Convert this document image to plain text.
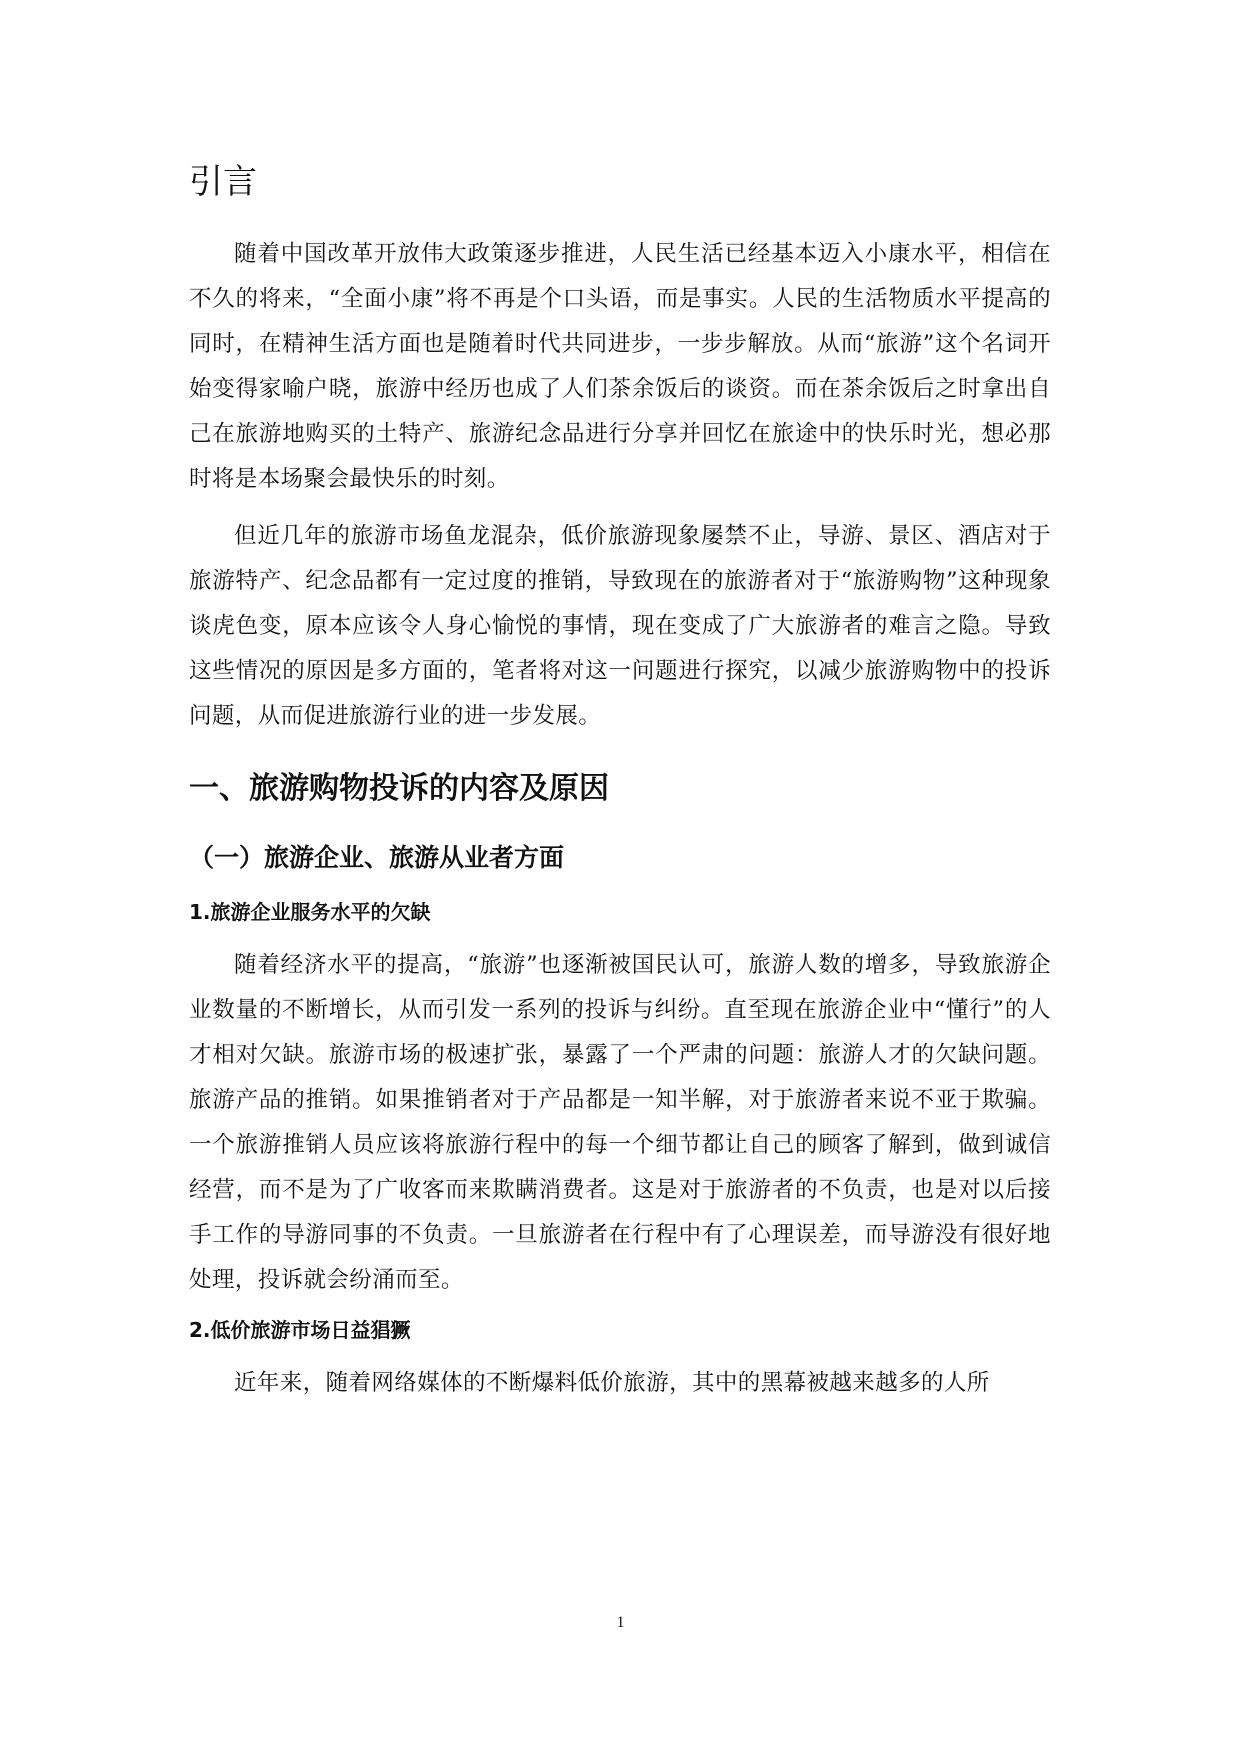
引言

随着中国改革开放伟大政策逐步推进，人民生活已经基本迈入小康水平，相信在不久的将来，“全面小康”将不再是个口头语，而是事实。人民的生活物质水平提高的同时，在精神生活方面也是随着时代共同进步，一步步解放。从而“旅游”这个名词开始变得家喻户晓，旅游中经历也成了人们茶余饭后的谈资。而在茶余饭后之时拿出自己在旅游地购买的土特产、旅游纪念品进行分享并回忆在旅途中的快乐时光，想必那时将是本场聚会最快乐的时刻。

但近几年的旅游市场鱼龙混杂，低价旅游现象屡禁不止，导游、景区、酒店对于旅游特产、纪念品都有一定过度的推销，导致现在的旅游者对于“旅游购物”这种现象谈虎色变，原本应该令人身心愉悦的事情，现在变成了广大旅游者的难言之隐。导致这些情况的原因是多方面的，笔者将对这一问题进行探究，以减少旅游购物中的投诉问题，从而促进旅游行业的进一步发展。

一、旅游购物投诉的内容及原因
（一）旅游企业、旅游从业者方面
1.旅游企业服务水平的欠缺

随着经济水平的提高，“旅游”也逐渐被国民认可，旅游人数的增多，导致旅游企业数量的不断增长，从而引发一系列的投诉与纠纷。直至现在旅游企业中“懂行”的人才相对欠缺。旅游市场的极速扩张，暴露了一个严肃的问题：旅游人才的欠缺问题。旅游产品的推销。如果推销者对于产品都是一知半解，对于旅游者来说不亚于欺骗。一个旅游推销人员应该将旅游行程中的每一个细节都让自己的顾客了解到，做到诚信经营，而不是为了广收客而来欺瞒消费者。这是对于旅游者的不负责，也是对以后接手工作的导游同事的不负责。一旦旅游者在行程中有了心理误差，而导游没有很好地处理，投诉就会纷涌而至。

2.低价旅游市场日益猖獗

近年来，随着网络媒体的不断爆料低价旅游，其中的黑幕被越来越多的人所

1
